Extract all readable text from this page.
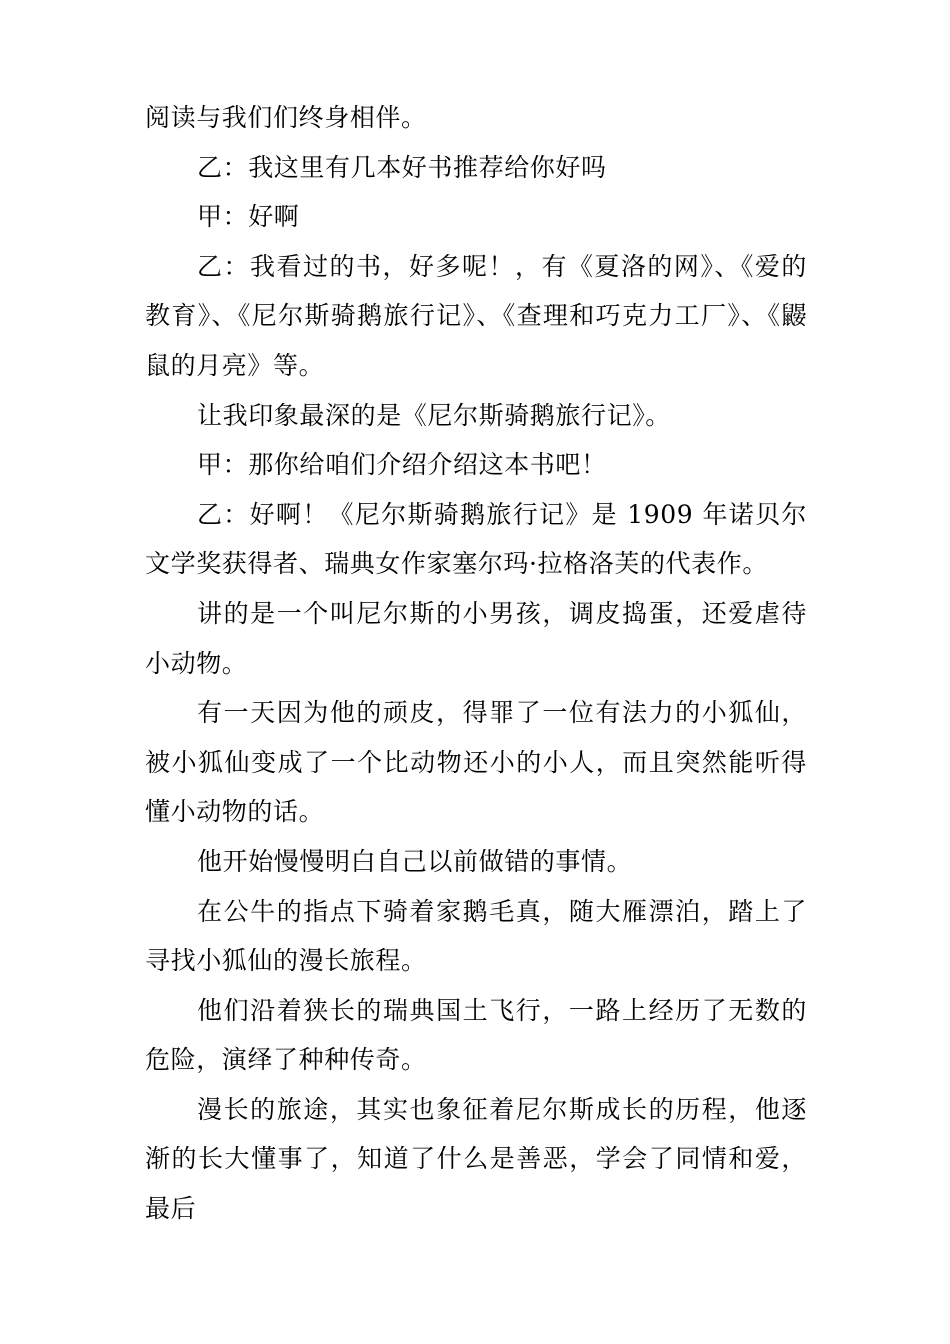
阅读与我们们终身相伴。

乙：我这里有几本好书推荐给你好吗

甲：好啊

乙：我看过的书，好多呢！，有《夏洛的网》、《爱的教育》、《尼尔斯骑鹅旅行记》、《查理和巧克力工厂》、《鼹鼠的月亮》等。

让我印象最深的是《尼尔斯骑鹅旅行记》。

甲：那你给咱们介绍介绍这本书吧！

乙：好啊！《尼尔斯骑鹅旅行记》是 1909 年诺贝尔文学奖获得者、瑞典女作家塞尔玛·拉格洛芙的代表作。

讲的是一个叫尼尔斯的小男孩，调皮捣蛋，还爱虐待小动物。

有一天因为他的顽皮，得罪了一位有法力的小狐仙，被小狐仙变成了一个比动物还小的小人，而且突然能听得懂小动物的话。

他开始慢慢明白自己以前做错的事情。

在公牛的指点下骑着家鹅毛真，随大雁漂泊，踏上了寻找小狐仙的漫长旅程。

他们沿着狭长的瑞典国土飞行，一路上经历了无数的危险，演绎了种种传奇。

漫长的旅途，其实也象征着尼尔斯成长的历程，他逐渐的长大懂事了，知道了什么是善恶，学会了同情和爱，最后
